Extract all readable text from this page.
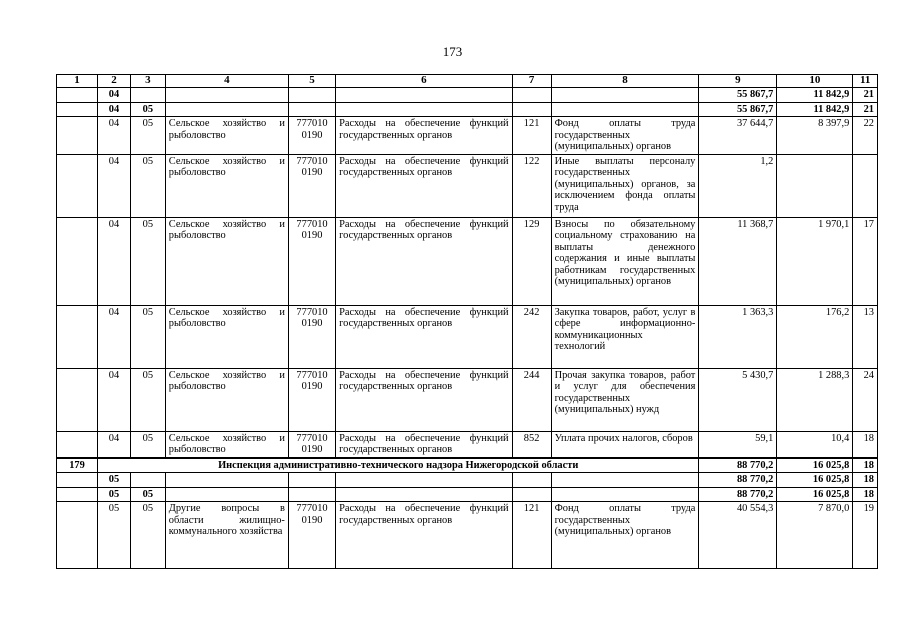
173
1	2	3	4	5	6	7	8	9	10	11
	04							55 867,7	11 842,9	21
	04	05						55 867,7	11 842,9	21
	04	05	Сельское хозяйство и рыболовство	777010 0190	Расходы на обеспечение функций государственных органов	121	Фонд оплаты труда государственных (муниципальных) органов	37 644,7	8 397,9	22
	04	05	Сельское хозяйство и рыболовство	777010 0190	Расходы на обеспечение функций государственных органов	122	Иные выплаты персоналу государственных (муниципальных) органов, за исключением фонда оплаты труда	1,2		
	04	05	Сельское хозяйство и рыболовство	777010 0190	Расходы на обеспечение функций государственных органов	129	Взносы по обязательному социальному страхованию на выплаты денежного содержания и иные выплаты работникам государственных (муниципальных) органов	11 368,7	1 970,1	17
	04	05	Сельское хозяйство и рыболовство	777010 0190	Расходы на обеспечение функций государственных органов	242	Закупка товаров, работ, услуг в сфере информационно-коммуникационных технологий	1 363,3	176,2	13
	04	05	Сельское хозяйство и рыболовство	777010 0190	Расходы на обеспечение функций государственных органов	244	Прочая закупка товаров, работ и услуг для обеспечения государственных (муниципальных) нужд	5 430,7	1 288,3	24
	04	05	Сельское хозяйство и рыболовство	777010 0190	Расходы на обеспечение функций государственных органов	852	Уплата прочих налогов, сборов	59,1	10,4	18
179	Инспекция административно-технического надзора Нижегородской области							88 770,2	16 025,8	18
	05							88 770,2	16 025,8	18
	05	05						88 770,2	16 025,8	18
	05	05	Другие вопросы в области жилищно-коммунального хозяйства	777010 0190	Расходы на обеспечение функций государственных органов	121	Фонд оплаты труда государственных (муниципальных) органов	40 554,3	7 870,0	19
